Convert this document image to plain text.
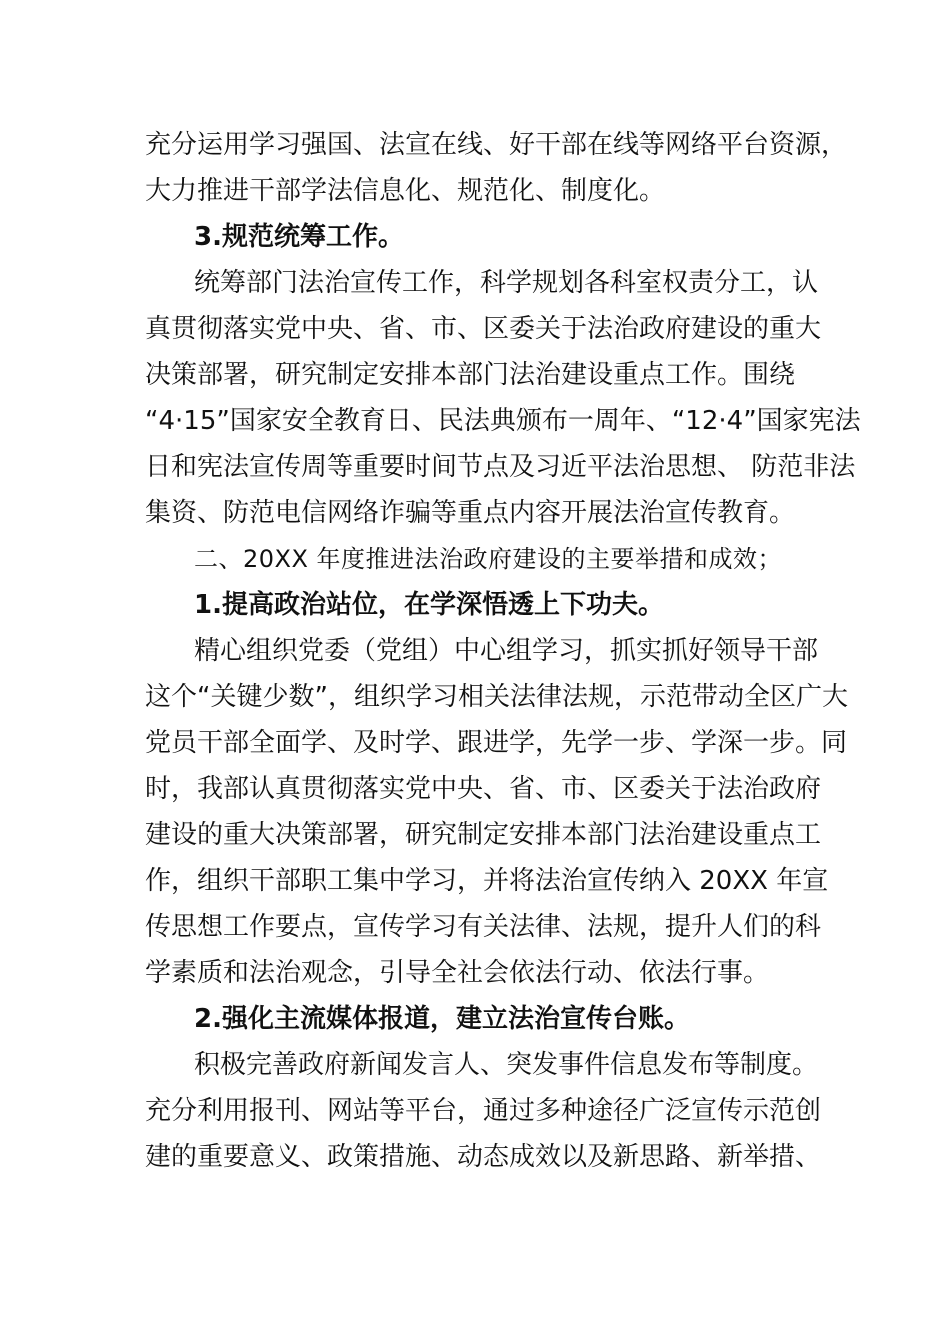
充分运用学习强国、法宣在线、好干部在线等网络平台资源，
大力推进干部学法信息化、规范化、制度化。
3.规范统筹工作。
统筹部门法治宣传工作，科学规划各科室权责分工，认
真贯彻落实党中央、省、市、区委关于法治政府建设的重大
决策部署，研究制定安排本部门法治建设重点工作。围绕
“4·15”国家安全教育日、民法典颁布一周年、“12·4”国家宪法
日和宪法宣传周等重要时间节点及习近平法治思想、 防范非法
集资、防范电信网络诈骗等重点内容开展法治宣传教育。
二、20XX 年度推进法治政府建设的主要举措和成效；
1.提高政治站位，在学深悟透上下功夫。
精心组织党委（党组）中心组学习，抓实抓好领导干部
这个“关键少数”，组织学习相关法律法规，示范带动全区广大
党员干部全面学、及时学、跟进学，先学一步、学深一步。同
时，我部认真贯彻落实党中央、省、市、区委关于法治政府
建设的重大决策部署，研究制定安排本部门法治建设重点工
作，组织干部职工集中学习，并将法治宣传纳入 20XX 年宣
传思想工作要点，宣传学习有关法律、法规，提升人们的科
学素质和法治观念，引导全社会依法行动、依法行事。
2.强化主流媒体报道，建立法治宣传台账。
积极完善政府新闻发言人、突发事件信息发布等制度。
充分利用报刊、网站等平台，通过多种途径广泛宣传示范创
建的重要意义、政策措施、动态成效以及新思路、新举措、
